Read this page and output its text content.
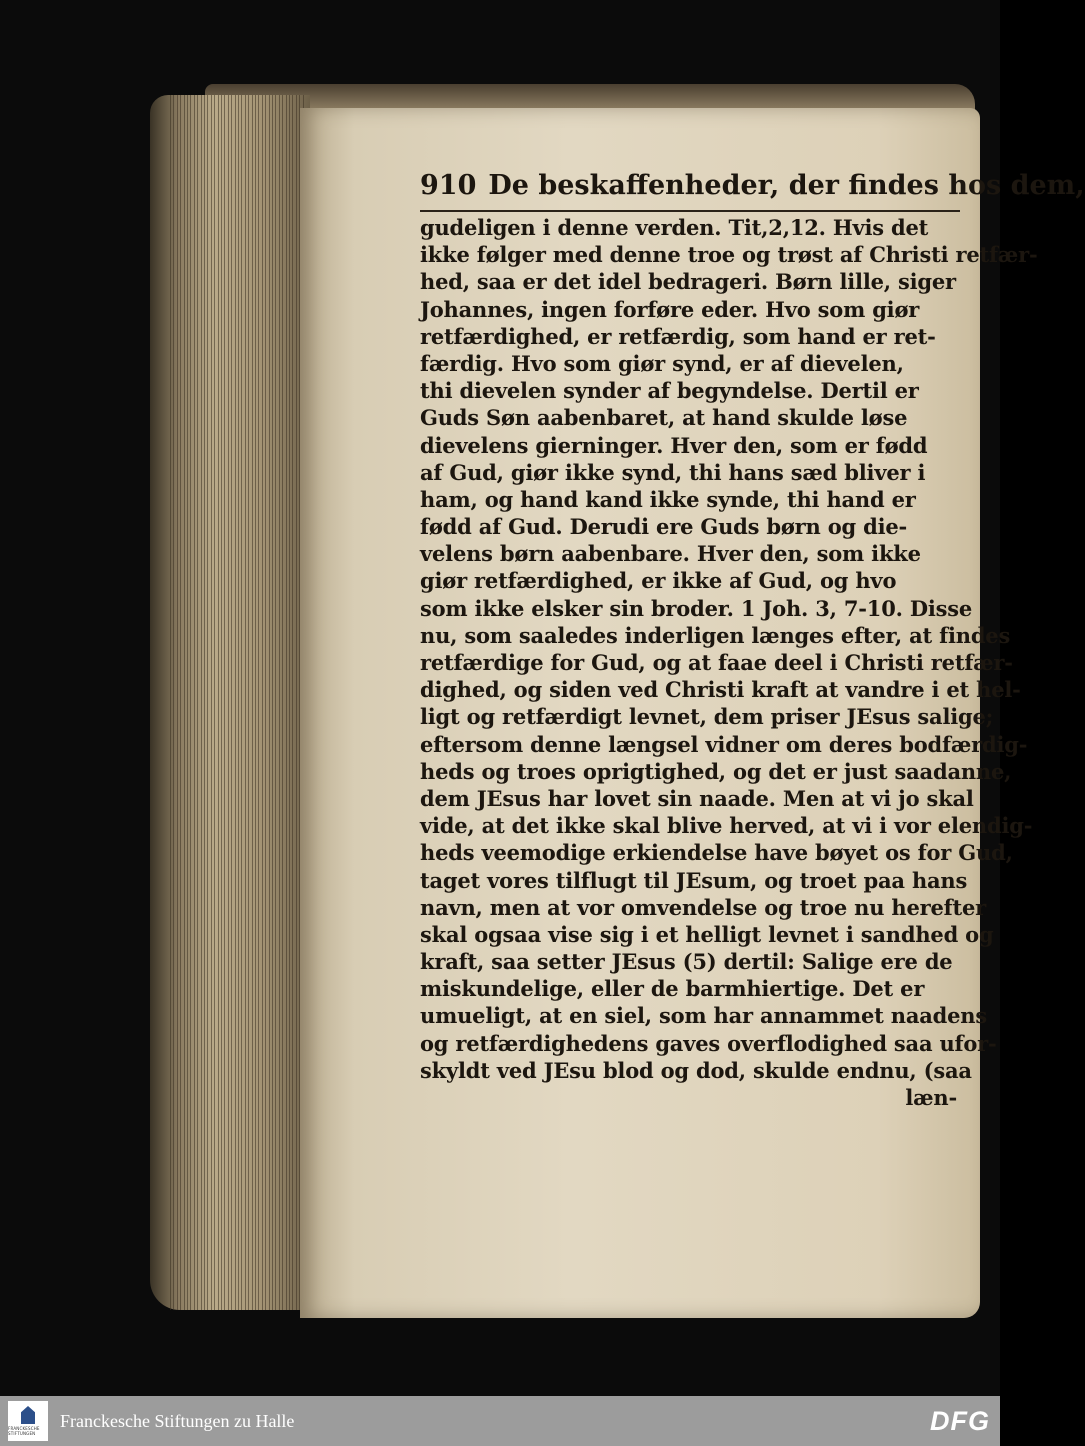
910 De beskaffenheder, der findes hos dem,
gudeligen i denne verden. Tit,2,12. Hvis det
ikke følger med denne troe og trøst af Christi retfær-
hed, saa er det idel bedrageri. Børn lille, siger
Johannes, ingen forføre eder. Hvo som giør
retfærdighed, er retfærdig, som hand er ret-
færdig. Hvo som giør synd, er af dievelen,
thi dievelen synder af begyndelse. Dertil er
Guds Søn aabenbaret, at hand skulde løse
dievelens gierninger. Hver den, som er fødd
af Gud, giør ikke synd, thi hans sæd bliver i
ham, og hand kand ikke synde, thi hand er
fødd af Gud. Derudi ere Guds børn og die-
velens børn aabenbare. Hver den, som ikke
giør retfærdighed, er ikke af Gud, og hvo
som ikke elsker sin broder. 1 Joh. 3, 7-10. Disse
nu, som saaledes inderligen længes efter, at findes
retfærdige for Gud, og at faae deel i Christi retfær-
dighed, og siden ved Christi kraft at vandre i et hel-
ligt og retfærdigt levnet, dem priser JEsus salige;
eftersom denne længsel vidner om deres bodfærdig-
heds og troes oprigtighed, og det er just saadanne,
dem JEsus har lovet sin naade. Men at vi jo skal
vide, at det ikke skal blive herved, at vi i vor elendig-
heds veemodige erkiendelse have bøyet os for Gud,
taget vores tilflugt til JEsum, og troet paa hans
navn, men at vor omvendelse og troe nu herefter
skal ogsaa vise sig i et helligt levnet i sandhed og
kraft, saa setter JEsus (5) dertil: Salige ere de
miskundelige, eller de barmhiertige. Det er
umueligt, at en siel, som har annammet naadens
og retfærdighedens gaves overflodighed saa ufor-
skyldt ved JEsu blod og dod, skulde endnu, (saa
læn-
FRANCKESCHE STIFTUNGEN
Franckesche Stiftungen zu Halle	DFG
